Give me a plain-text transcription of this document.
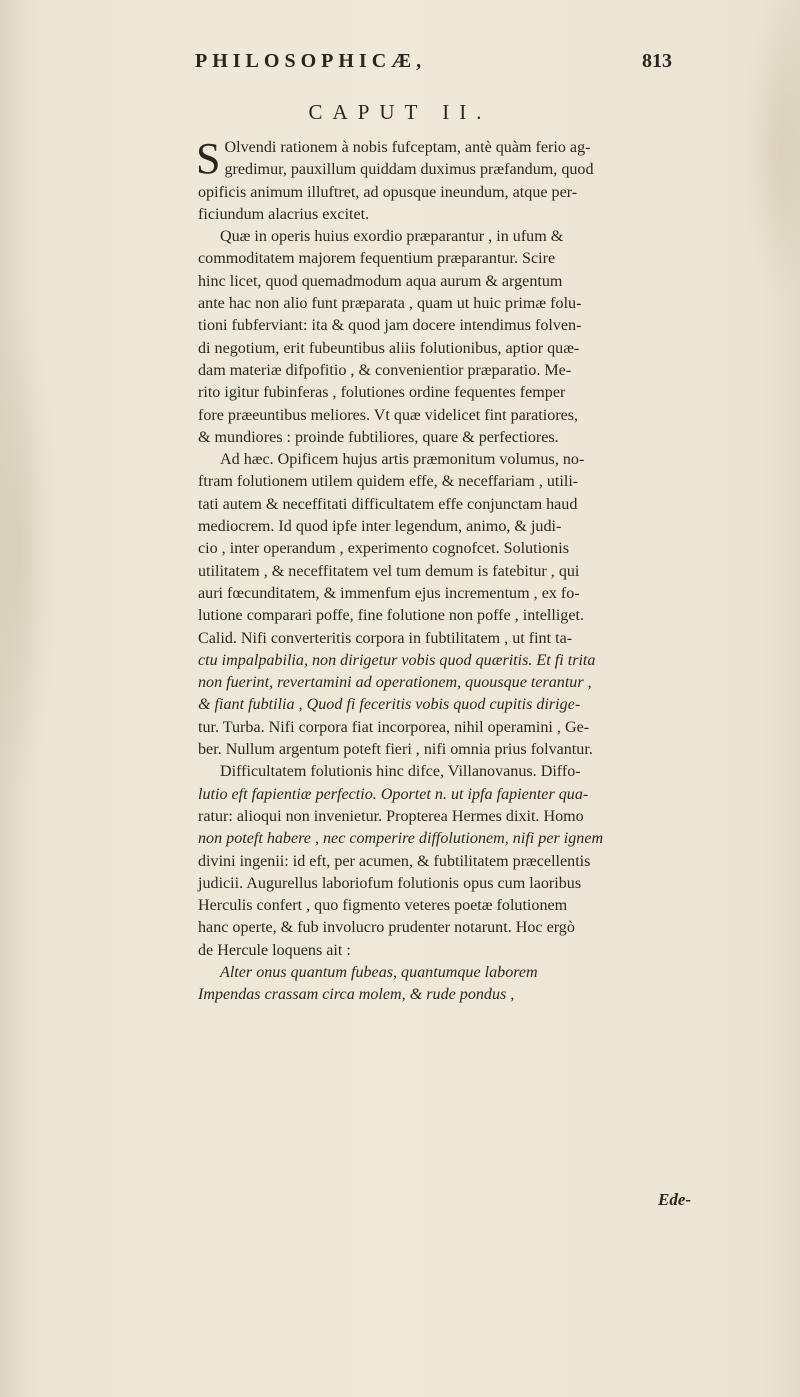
PHILOSOPHICÆ,	813
CAPUT II.

S Olvendi rationem à nobis fufceptam, antè quàm ferio ag-

gredimur, pauxillum quiddam duximus præfandum, quod

opificis animum illuftret, ad opusque ineundum, atque per-

ficiundum alacrius excitet.

Quæ in operis huius exordio præparantur , in ufum &

commoditatem majorem fequentium præparantur. Scire

hinc licet, quod quemadmodum aqua aurum & argentum

ante hac non alio funt præparata , quam ut huic primæ folu-

tioni fubferviant: ita & quod jam docere intendimus folven-

di negotium, erit fubeuntibus aliis folutionibus, aptior quæ-

dam materiæ difpofitio , & convenientior præparatio. Me-

rito igitur fubinferas , folutiones ordine fequentes femper

fore præeuntibus meliores. Vt quæ videlicet fint paratiores,

& mundiores : proinde fubtiliores, quare & perfectiores.

Ad hæc. Opificem hujus artis præmonitum volumus, no-

ftram folutionem utilem quidem effe, & neceffariam , utili-

tati autem & neceffitati difficultatem effe conjunctam haud

mediocrem. Id quod ipfe inter legendum, animo, & judi-

cio , inter operandum , experimento cognofcet. Solutionis

utilitatem , & neceffitatem vel tum demum is fatebitur , qui

auri fœcunditatem, & immenfum ejus incrementum , ex fo-

lutione comparari poffe, fine folutione non poffe , intelliget.

Calid. Nifi converteritis corpora in fubtilitatem , ut fint ta-

ctu impalpabilia, non dirigetur vobis quod quæritis. Et fi trita

non fuerint, revertamini ad operationem, quousque terantur ,

& fiant fubtilia , Quod fi feceritis vobis quod cupitis dirige-

tur. Turba. Nifi corpora fiat incorporea, nihil operamini , Ge-

ber. Nullum argentum poteft fieri , nifi omnia prius folvantur.

Difficultatem folutionis hinc difce, Villanovanus. Diffo-

lutio eft fapientiæ perfectio. Oportet n. ut ipfa fapienter qua-

ratur: alioqui non invenietur. Propterea Hermes dixit. Homo

non poteft habere , nec comperire diffolutionem, nifi per ignem

divini ingenii: id eft, per acumen, & fubtilitatem præcellentis

judicii. Augurellus laboriofum folutionis opus cum laoribus

Herculis confert , quo figmento veteres poetæ folutionem

hanc operte, & fub involucro prudenter notarunt. Hoc ergò

de Hercule loquens ait :

Alter onus quantum fubeas, quantumque laborem

Impendas crassam circa molem, & rude pondus ,

Ede-
